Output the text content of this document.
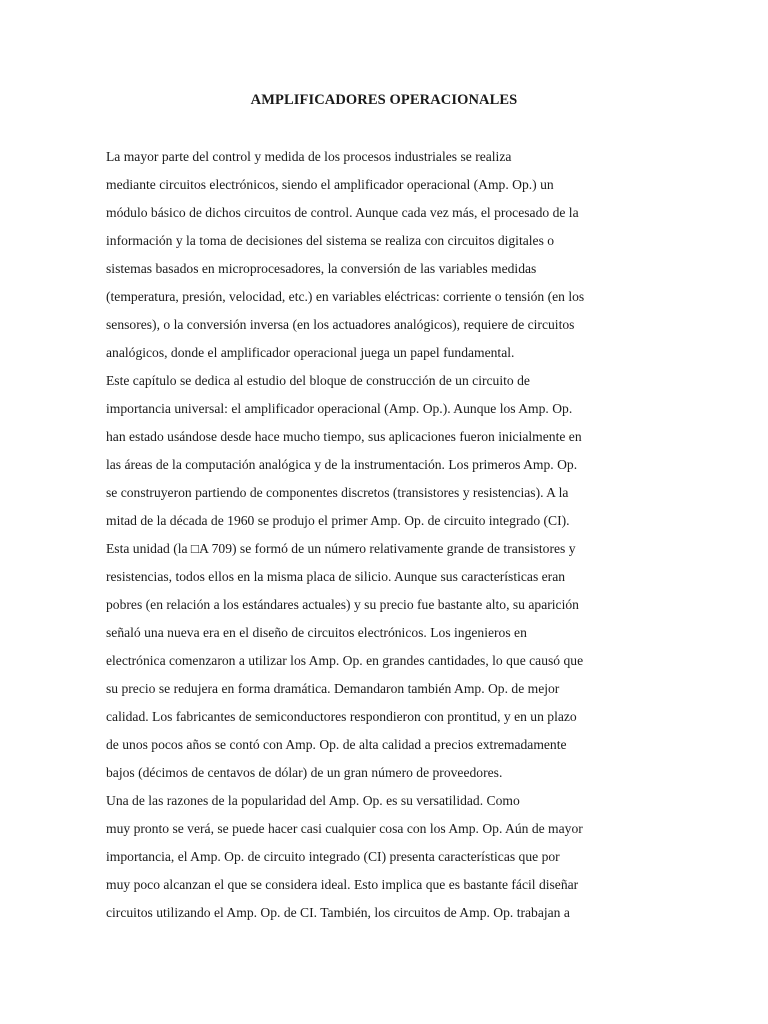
AMPLIFICADORES OPERACIONALES
La mayor parte del control y medida de los procesos industriales se realiza
mediante circuitos electrónicos, siendo el amplificador operacional (Amp. Op.) un
módulo básico de dichos circuitos de control. Aunque cada vez más, el procesado de la
información y la toma de decisiones del sistema se realiza con circuitos digitales o
sistemas basados en microprocesadores, la conversión de las variables medidas
(temperatura, presión, velocidad, etc.) en variables eléctricas: corriente o tensión (en los
sensores), o la conversión inversa (en los actuadores analógicos), requiere de circuitos
analógicos, donde el amplificador operacional juega un papel fundamental.
Este capítulo se dedica al estudio del bloque de construcción de un circuito de
importancia universal: el amplificador operacional (Amp. Op.). Aunque los Amp. Op.
han estado usándose desde hace mucho tiempo, sus aplicaciones fueron inicialmente en
las áreas de la computación analógica y de la instrumentación. Los primeros Amp. Op.
se construyeron partiendo de componentes discretos (transistores y resistencias). A la
mitad de la década de 1960 se produjo el primer Amp. Op. de circuito integrado (CI).
Esta unidad (la □A 709) se formó de un número relativamente grande de transistores y
resistencias, todos ellos en la misma placa de silicio. Aunque sus características eran
pobres (en relación a los estándares actuales) y su precio fue bastante alto, su aparición
señaló una nueva era en el diseño de circuitos electrónicos. Los ingenieros en
electrónica comenzaron a utilizar los Amp. Op. en grandes cantidades, lo que causó que
su precio se redujera en forma dramática. Demandaron también Amp. Op. de mejor
calidad. Los fabricantes de semiconductores respondieron con prontitud, y en un plazo
de unos pocos años se contó con Amp. Op. de alta calidad a precios extremadamente
bajos (décimos de centavos de dólar) de un gran número de proveedores.
Una de las razones de la popularidad del Amp. Op. es su versatilidad. Como
muy pronto se verá, se puede hacer casi cualquier cosa con los Amp. Op. Aún de mayor
importancia, el Amp. Op. de circuito integrado (CI) presenta características que por
muy poco alcanzan el que se considera ideal. Esto implica que es bastante fácil diseñar
circuitos utilizando el Amp. Op. de CI. También, los circuitos de Amp. Op. trabajan a
